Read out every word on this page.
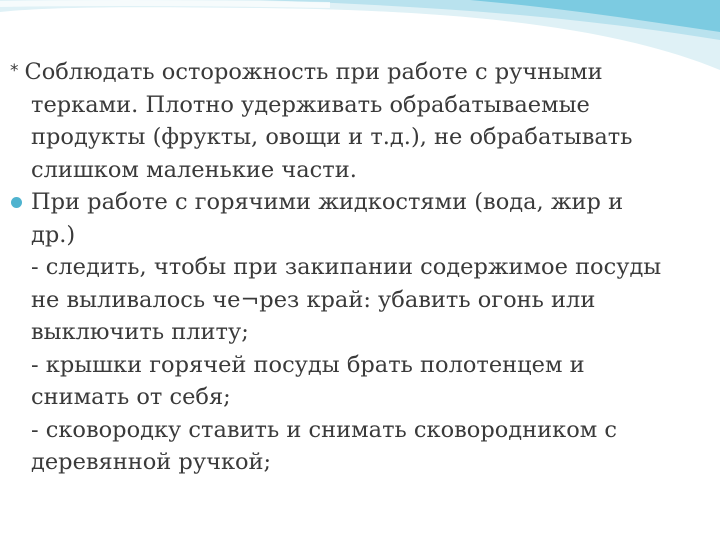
* Соблюдать осторожность при работе с ручными
терками. Плотно удерживать обрабатываемые
продукты (фрукты, овощи и т.д.), не обрабатывать
слишком маленькие части.
При работе с горячими жидкостями (вода, жир и
др.)
- следить, чтобы при закипании содержимое посуды
не выливалось че¬рез край: убавить огонь или
выключить плиту;
- крышки горячей посуды брать полотенцем и
снимать от себя;
- сковородку ставить и снимать сковородником с
деревянной ручкой;
